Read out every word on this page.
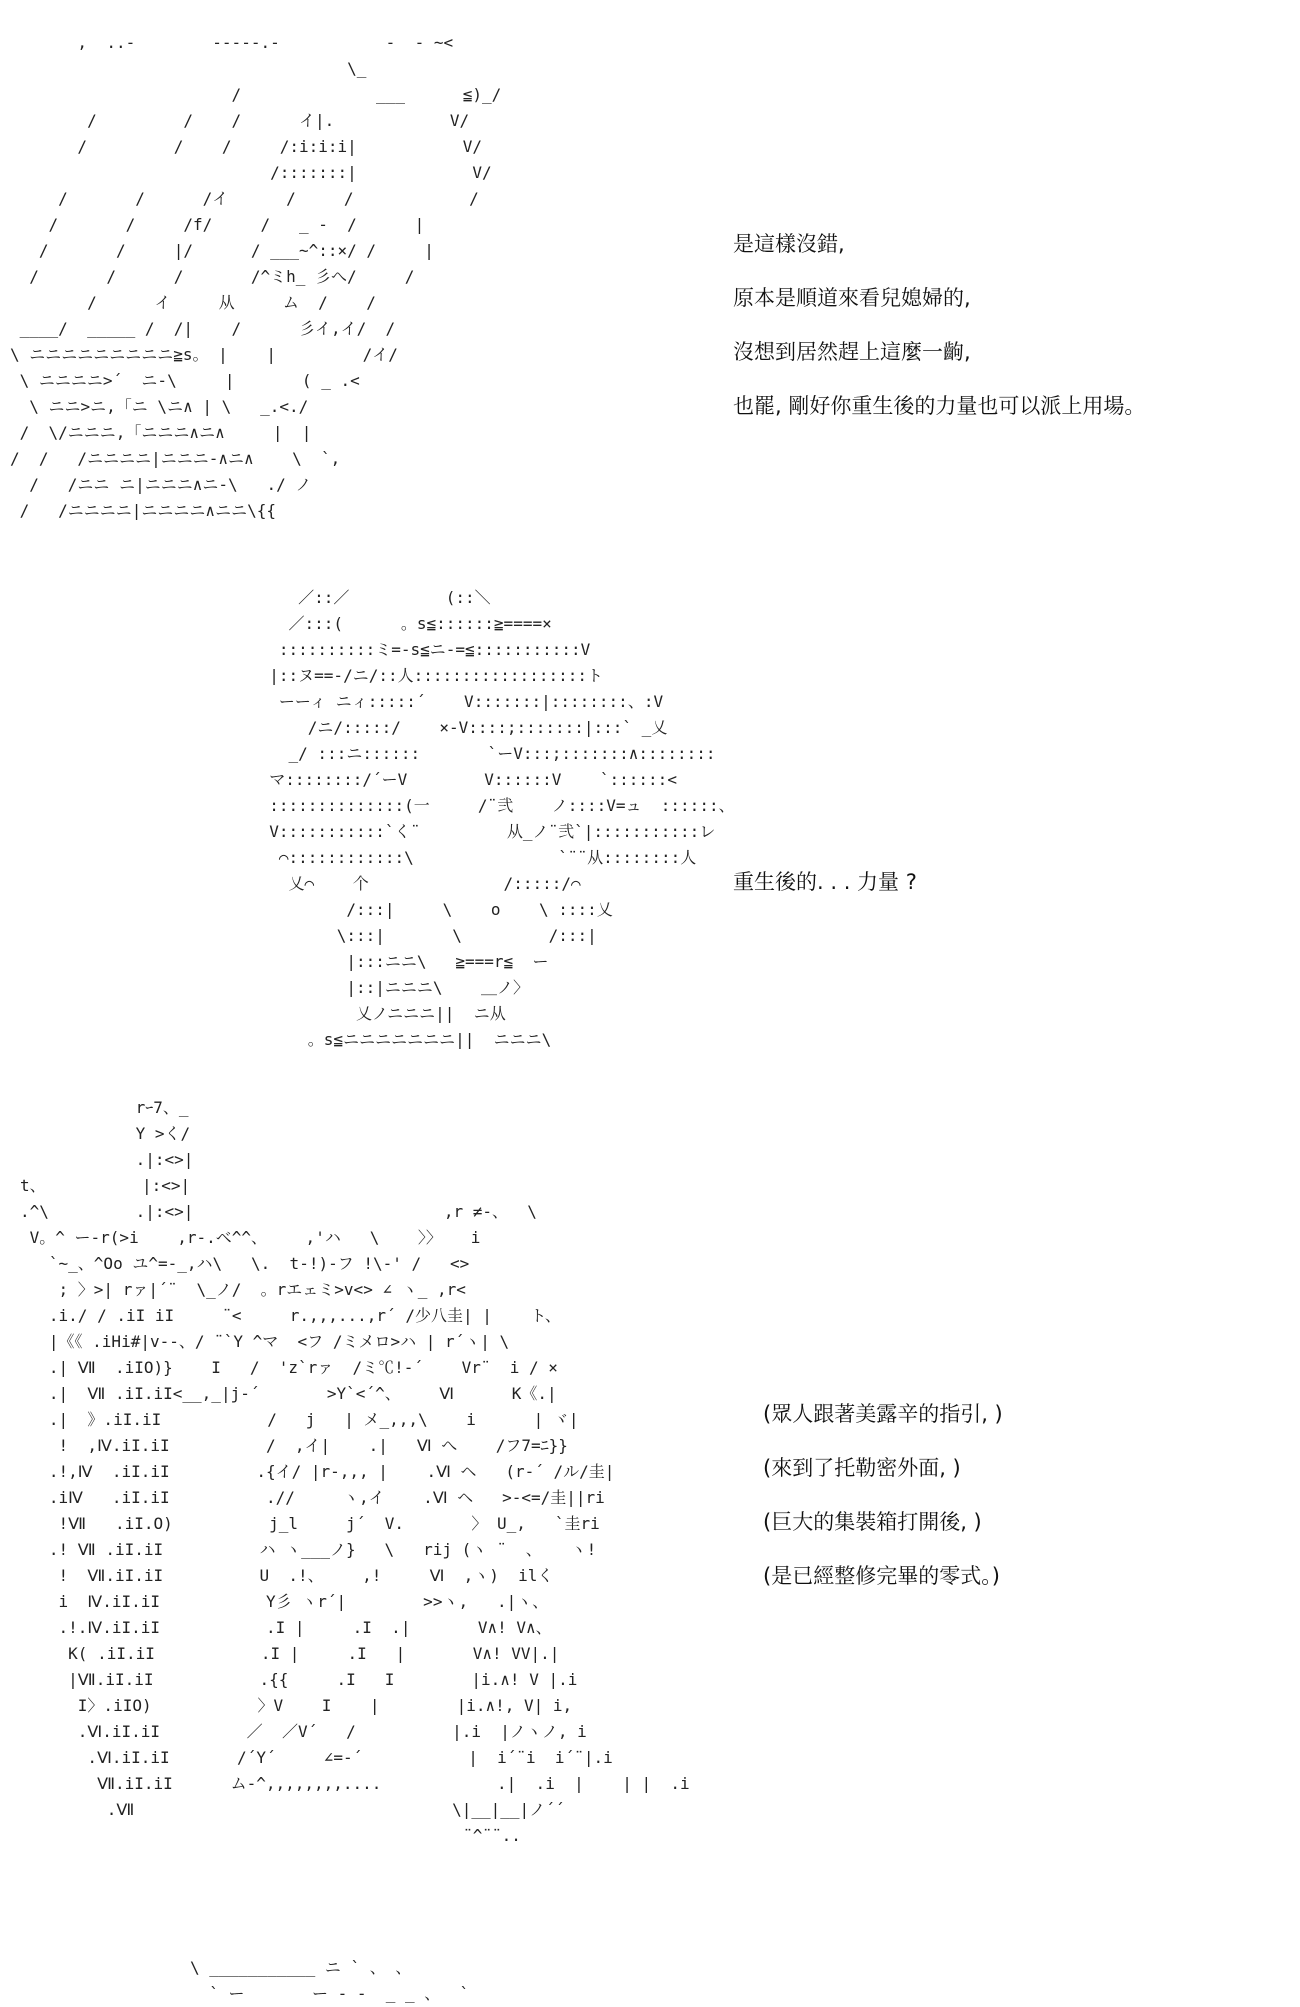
,  ..-        -----.-           -  - ~<
\_
/              ___      ≦)_/
/         /    /      イ|.            V/
/         /    /     /:i:i:i|           V/
/:::::::|            V/
/       /      /イ      /     /            /
/       /     /f/     /   _ -  /      |
/       /     |/      / ___~^::×/ /     |
/       /      /       /^ミh_ 彡へ/     /
/      イ     从     ム  /    /
____/  _____ /  /|    /      彡イ,イ/  /
\ ニニニニニニニニニ≧s。 |    |         /イ/
\ ニニニニ>´  ニ-\     |       ( _ .<
\ ニニ>ニ,「ニ \ニ∧ | \   _.<./
/  \/ニニニ,「ニニニ∧ニ∧     |  |
/  /   /ニニニニ|ニニニ-∧ニ∧    \  `,
/   /ニニ ニ|ニニニ∧ニ-\   ./ ノ
/   /ニニニニ|ニニニニ∧ニニ\{{
是這樣沒錯,
原本是順道來看兒媳婦的,
沒想到居然趕上這麼一齣,
也罷, 剛好你重生後的力量也可以派上用場。
／::／          (::＼
／:::(      。s≦::::::≧====×
::::::::::ミ=-s≦ニ-=≦:::::::::::V
|::ヌ==-/ニ/::人::::::::::::::::::ト
ーーィ ニィ:::::´    V:::::::|::::::::、:V
/ニ/:::::/    ×-V::::;:::::::|:::` _乂
_/ :::ニ::::::       `ーV:::;:::::::∧::::::::
マ::::::::/´ーV        V::::::V    `::::::<
::::::::::::::(一     /¨弐    ノ::::V=ュ  ::::::、
V:::::::::::`く¨         从_ノ¨弐`|:::::::::::レ
⌒::::::::::::\               `¨¨从::::::::人
乂⌒    个              /:::::/⌒
/:::|     \    o    \ ::::乂
\:::|       \         /:::|
|:::ニニ\   ≧===r≦  ー
|::|ニニニ\    ＿ノ〉
乂ノニニニ||  ニ从
。s≦ニニニニニニニ||  ニニニ\
重生後的. . . 力量 ?
rｰ7、_
Y >く/
.|:<>|
t、          |:<>|
.^\         .|:<>|                          ,r ≠-、  \
V。^ ー-r(>i    ,r-.ベ^^、    ,'ハ   \    〉〉   i
`~_、^Oo ユ^=-_,ハ\   \.  t-!)-フ !\-' /   <>
; 〉>| rァ|´¨  \_ノ/  。rエェミ>v<> ∠ ヽ_ ,r<
.i./ / .iI iI     ¨<     r.,,,...,r´ /少八圭| |    ト、
|《《 .iHi#|v--、/ ¨`Y ^マ  <フ /ミメロ>ハ | r´ヽ| \
.| Ⅶ  .iIO)}    I   /  'z`rァ  /ミ℃!-´    Vr¨  i / ×
.|  Ⅶ .iI.iI<__,_|j-´       >Y`<´^、    Ⅵ      K《.|
.|  》.iI.iI           /   j   | メ_,,,\    i      | ヾ|
!  ,Ⅳ.iI.iI          /  ,イ|    .|   Ⅵ へ    /フ7=ﾆ}}
.!,Ⅳ  .iI.iI         .{イ/ |r-,,, |    .Ⅵ ヘ   (r-´ /ル/圭|
.iⅣ   .iI.iI          .//     ヽ,イ    .Ⅵ ヘ   >-<=/圭||ri
!Ⅶ   .iI.O)          j_l     j´  V.       〉 U_,   `圭ri
.! Ⅶ .iI.iI          ハ ヽ___ノ}   \   rij (ヽ ¨  、   ヽ!
!  Ⅶ.iI.iI          U  .!、    ,!     Ⅵ  ,ヽ)  ilく
i  Ⅳ.iI.iI           Y彡 ヽr´|        >>ヽ,   .|ヽ、
.!.Ⅳ.iI.iI           .I |     .I  .|       V∧! V∧、
K( .iI.iI           .I |     .I   |       V∧! VV|.|
|Ⅶ.iI.iI           .{{     .I   I        |i.∧! V |.i
I〉.iIO)           〉V    I    |        |i.∧!, V| i,
.Ⅵ.iI.iI         ／  ／V´   /          |.i  |ノヽノ, i
.Ⅵ.iI.iI       /´Y´     ∠=-´           |  i´¨i  i´¨|.i
Ⅶ.iI.iI      ム-^,,,,,,,,....            .|  .i  |    | |  .i
.Ⅶ                                 \|__|__|ノ´´
¨^¨¨..
(眾人跟著美露辛的指引, )
(來到了托勒密外面, )
(巨大的集裝箱打開後, )
(是已經整修完畢的零式。)
\ ___________ ニ ` 、 、
` ー       ー - -  _ _ 、  `
